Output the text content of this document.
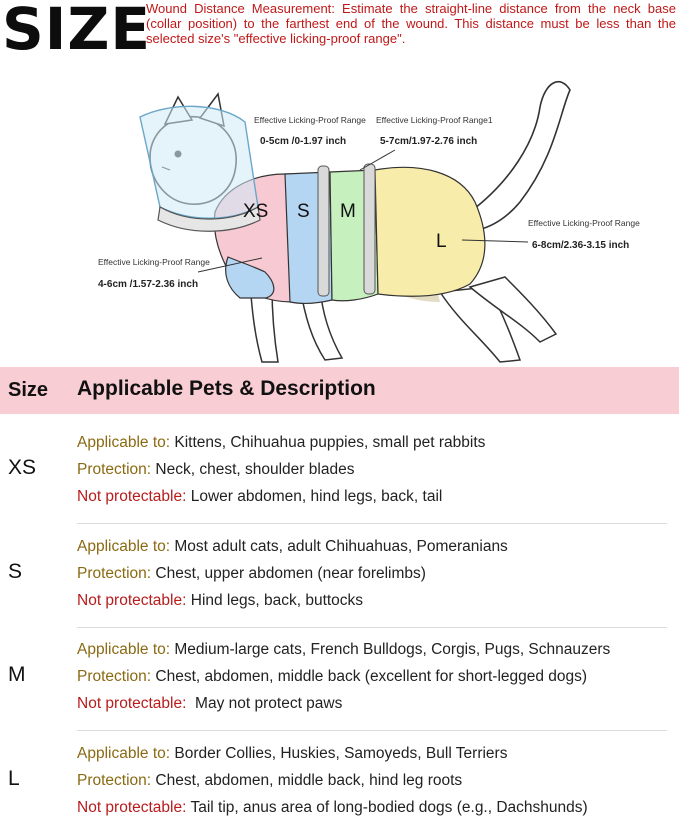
SIZE
Wound Distance Measurement: Estimate the straight-line distance from the neck base (collar position) to the farthest end of the wound. This distance must be less than the selected size's "effective licking-proof range".
XS S M
L
Effective Licking-Proof Range
0-5cm /0-1.97 inch
Effective Licking-Proof Range1
5-7cm/1.97-2.76 inch
Effective Licking-Proof Range
6-8cm/2.36-3.15 inch
Effective Licking-Proof Range
4-6cm /1.57-2.36 inch
Size Applicable Pets & Description
XS
Applicable to: Kittens, Chihuahua puppies, small pet rabbits
Protection: Neck, chest, shoulder blades
Not protectable: Lower abdomen, hind legs, back, tail
S
Applicable to: Most adult cats, adult Chihuahuas, Pomeranians
Protection: Chest, upper abdomen (near forelimbs)
Not protectable: Hind legs, back, buttocks
M
Applicable to: Medium-large cats, French Bulldogs, Corgis, Pugs, Schnauzers
Protection: Chest, abdomen, middle back (excellent for short-legged dogs)
Not protectable:  May not protect paws
L
Applicable to: Border Collies, Huskies, Samoyeds, Bull Terriers
Protection: Chest, abdomen, middle back, hind leg roots
Not protectable: Tail tip, anus area of long-bodied dogs (e.g., Dachshunds)
